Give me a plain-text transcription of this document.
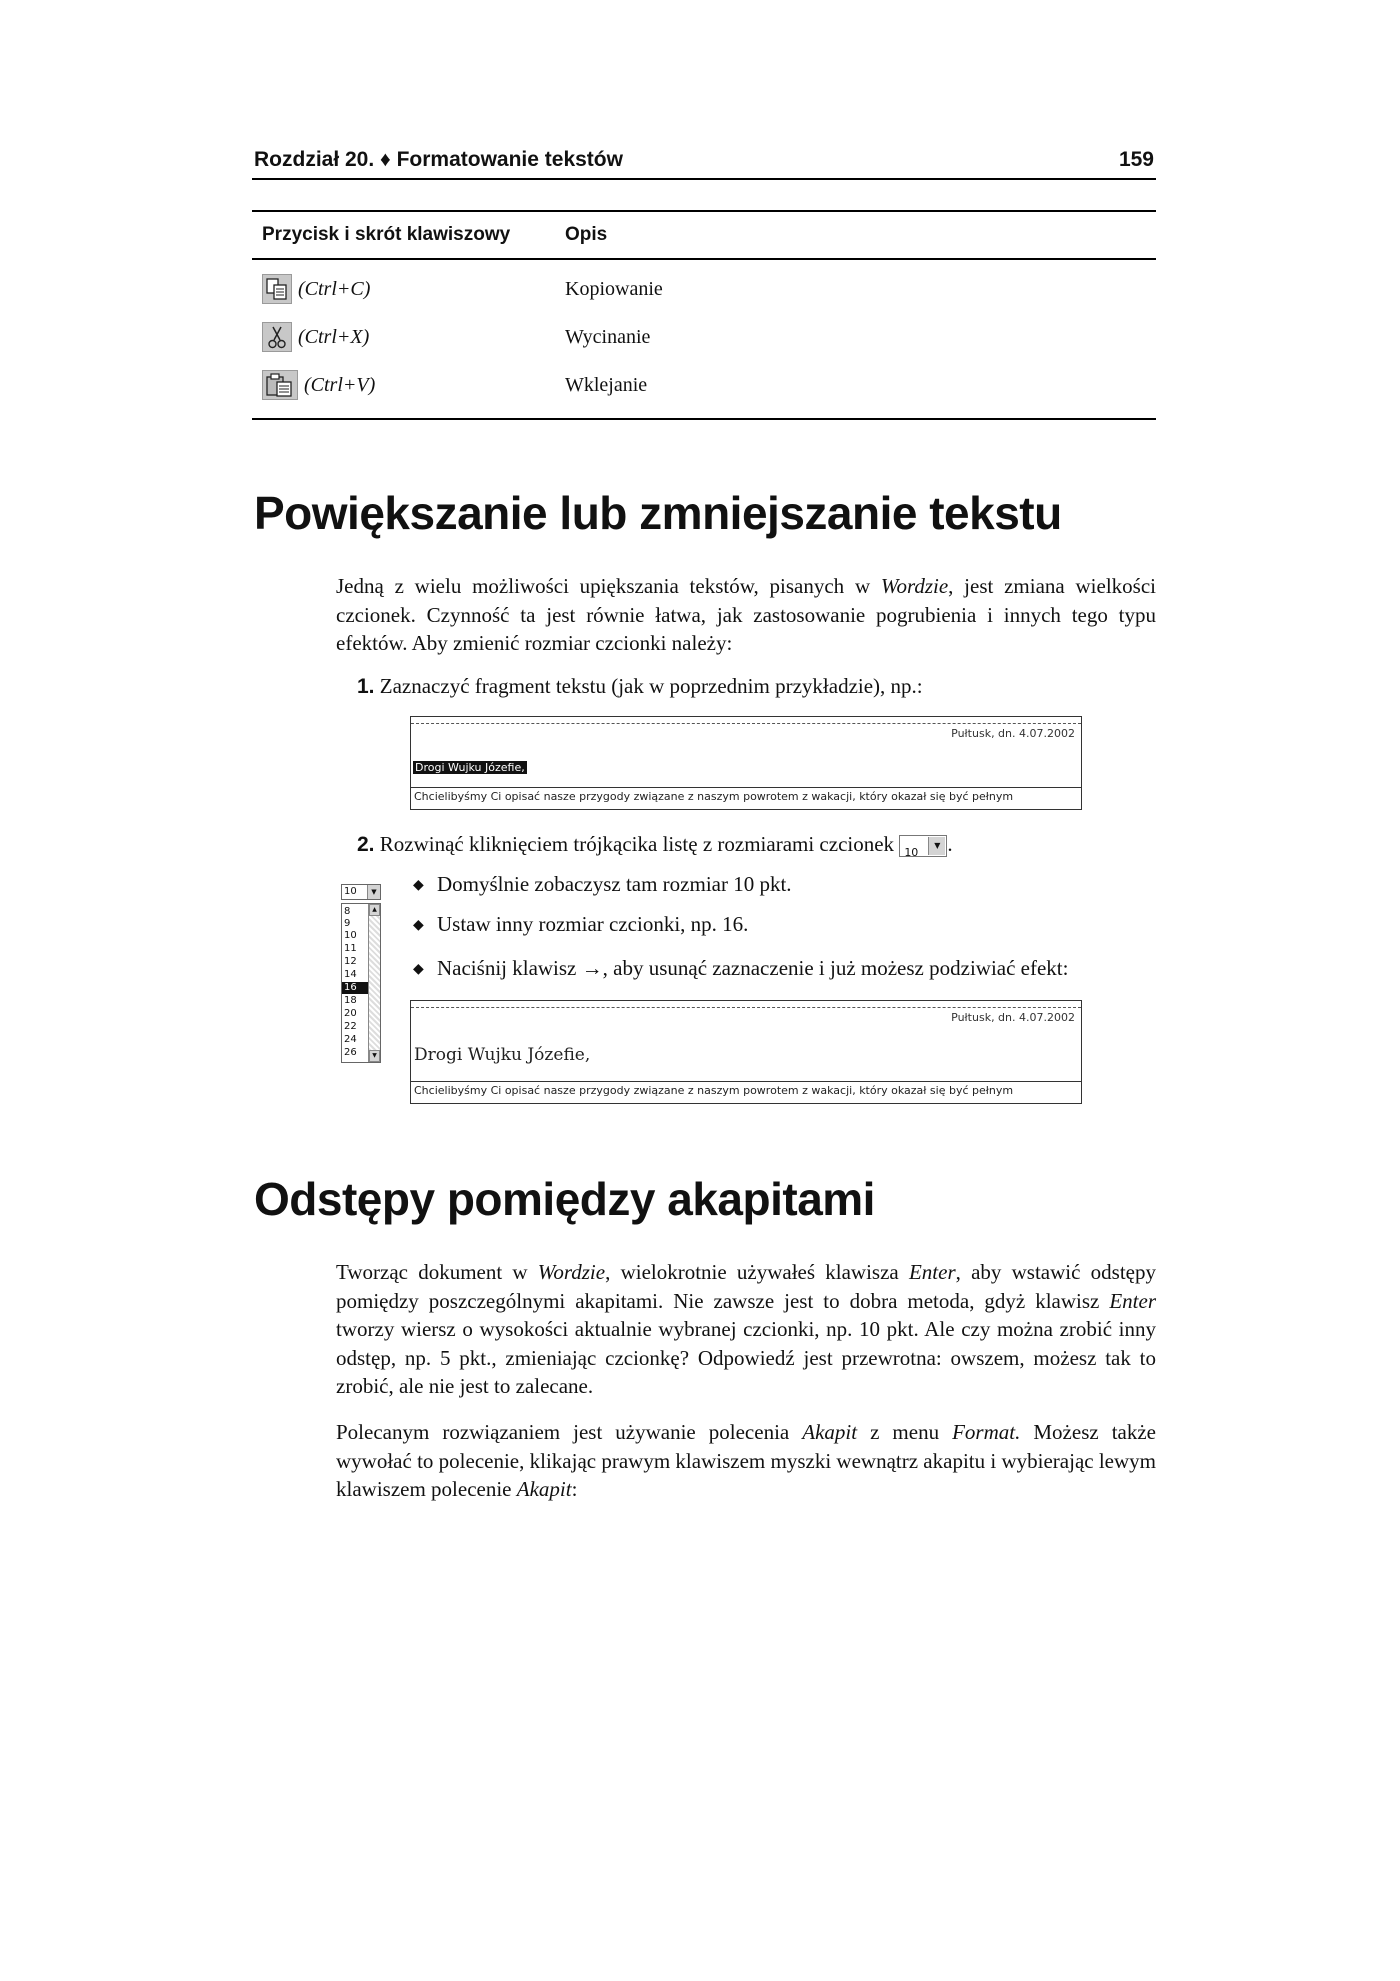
Rozdział 20. ♦ Formatowanie tekstów	159
Przycisk i skrót klawiszowy	Opis
(Ctrl+C)	Kopiowanie
(Ctrl+X)	Wycinanie
(Ctrl+V)	Wklejanie
Powiększanie lub zmniejszanie tekstu
Jedną z wielu możliwości upiększania tekstów, pisanych w Wordzie, jest zmiana wielkości czcionek. Czynność ta jest równie łatwa, jak zastosowanie pogrubienia i innych tego typu efektów. Aby zmienić rozmiar czcionki należy:
1. Zaznaczyć fragment tekstu (jak w poprzednim przykładzie), np.:
Pułtusk, dn. 4.07.2002
Drogi Wujku Józefie,
Chcielibyśmy Ci opisać nasze przygody związane z naszym powrotem z wakacji, który okazał się być pełnym
2. Rozwinąć kliknięciem trójkącika listę z rozmiarami czcionek 10
▼ .
10	▼
8
9
10
11
12
14
16
18
20
22
24
26
▲
▼
◆ Domyślnie zobaczysz tam rozmiar 10 pkt.
◆ Ustaw inny rozmiar czcionki, np. 16.
◆ Naciśnij klawisz →, aby usunąć zaznaczenie i już możesz podziwiać efekt:
Pułtusk, dn. 4.07.2002
Drogi Wujku Józefie,
Chcielibyśmy Ci opisać nasze przygody związane z naszym powrotem z wakacji, który okazał się być pełnym
Odstępy pomiędzy akapitami
Tworząc dokument w Wordzie, wielokrotnie używałeś klawisza Enter, aby wstawić odstępy pomiędzy poszczególnymi akapitami. Nie zawsze jest to dobra metoda, gdyż klawisz Enter tworzy wiersz o wysokości aktualnie wybranej czcionki, np. 10 pkt. Ale czy można zrobić inny odstęp, np. 5 pkt., zmieniając czcionkę? Odpowiedź jest przewrotna: owszem, możesz tak to zrobić, ale nie jest to zalecane.
Polecanym rozwiązaniem jest używanie polecenia Akapit z menu Format. Możesz także wywołać to polecenie, klikając prawym klawiszem myszki wewnątrz akapitu i wybierając lewym klawiszem polecenie Akapit:
